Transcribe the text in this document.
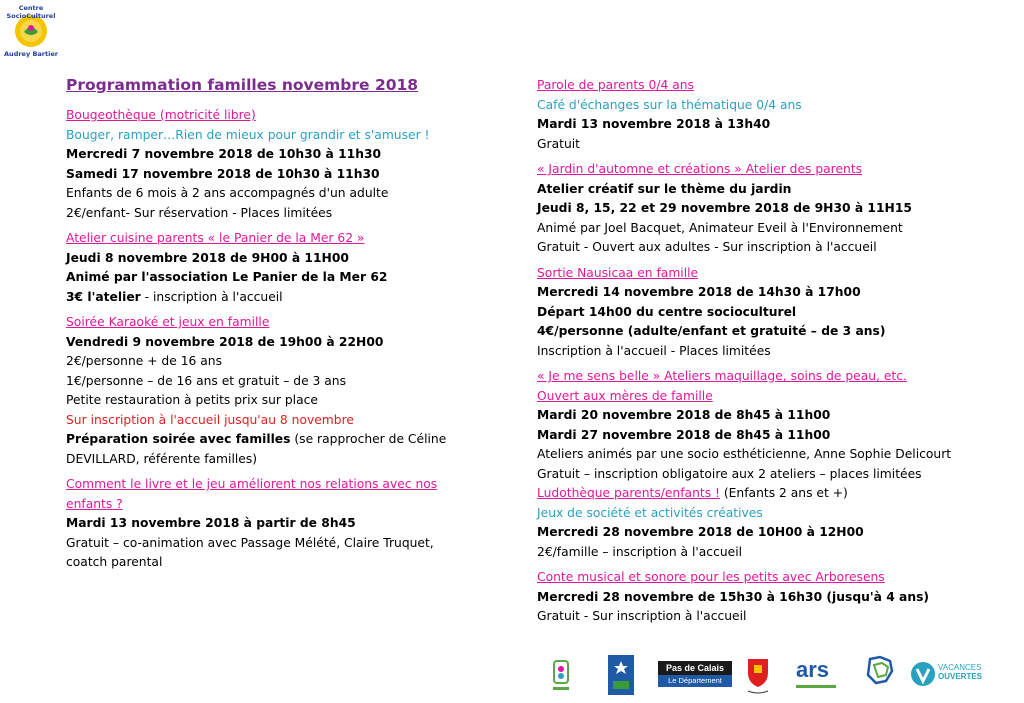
Centre SocioCulturel
Audrey Bartier
Programmation familles novembre 2018
Bougeothèque (motricité libre)
Bouger, ramper…Rien de mieux pour grandir et s'amuser !
Mercredi 7 novembre 2018 de 10h30 à 11h30
Samedi 17 novembre 2018 de 10h30 à 11h30
Enfants de 6 mois à 2 ans accompagnés d'un adulte
2€/enfant- Sur réservation - Places limitées
Atelier cuisine parents « le Panier de la Mer 62 »
Jeudi 8 novembre 2018 de 9H00 à 11H00
Animé par l'association Le Panier de la Mer 62
3€ l'atelier - inscription à l'accueil
Soirée Karaoké et jeux en famille
Vendredi 9 novembre 2018 de 19h00 à 22H00
2€/personne + de 16 ans
1€/personne – de 16 ans et gratuit – de 3 ans
Petite restauration à petits prix sur place
Sur inscription à l'accueil jusqu'au 8 novembre
Préparation soirée avec familles (se rapprocher de Céline
DEVILLARD, référente familles)
Comment le livre et le jeu améliorent nos relations avec nos
enfants ?
Mardi 13 novembre 2018 à partir de 8h45
Gratuit – co-animation avec Passage Mélété, Claire Truquet,
coatch parental
Parole de parents 0/4 ans
Café d'échanges sur la thématique 0/4 ans
Mardi 13 novembre 2018 à 13h40
Gratuit
« Jardin d'automne et créations » Atelier des parents
Atelier créatif sur le thème du jardin
Jeudi 8, 15, 22 et 29 novembre 2018 de 9H30 à 11H15
Animé par Joel Bacquet, Animateur Eveil à l'Environnement
Gratuit - Ouvert aux adultes - Sur inscription à l'accueil
Sortie Nausicaa en famille
Mercredi 14 novembre 2018 de 14h30 à 17h00
Départ 14h00 du centre socioculturel
4€/personne (adulte/enfant et gratuité – de 3 ans)
Inscription à l'accueil - Places limitées
« Je me sens belle » Ateliers maquillage, soins de peau, etc.
Ouvert aux mères de famille
Mardi 20 novembre 2018 de 8h45 à 11h00
Mardi 27 novembre 2018 de 8h45 à 11h00
Ateliers animés par une socio esthéticienne, Anne Sophie Delicourt
Gratuit – inscription obligatoire aux 2 ateliers – places limitées
Ludothèque parents/enfants ! (Enfants 2 ans et +)
Jeux de société et activités créatives
Mercredi 28 novembre 2018 de 10H00 à 12H00
2€/famille – inscription à l'accueil
Conte musical et sonore pour les petits avec Arboresens
Mercredi 28 novembre de 15h30 à 16h30 (jusqu'à 4 ans)
Gratuit - Sur inscription à l'accueil
Pas de Calais
Le Département	ars	VACANCES
OUVERTES
